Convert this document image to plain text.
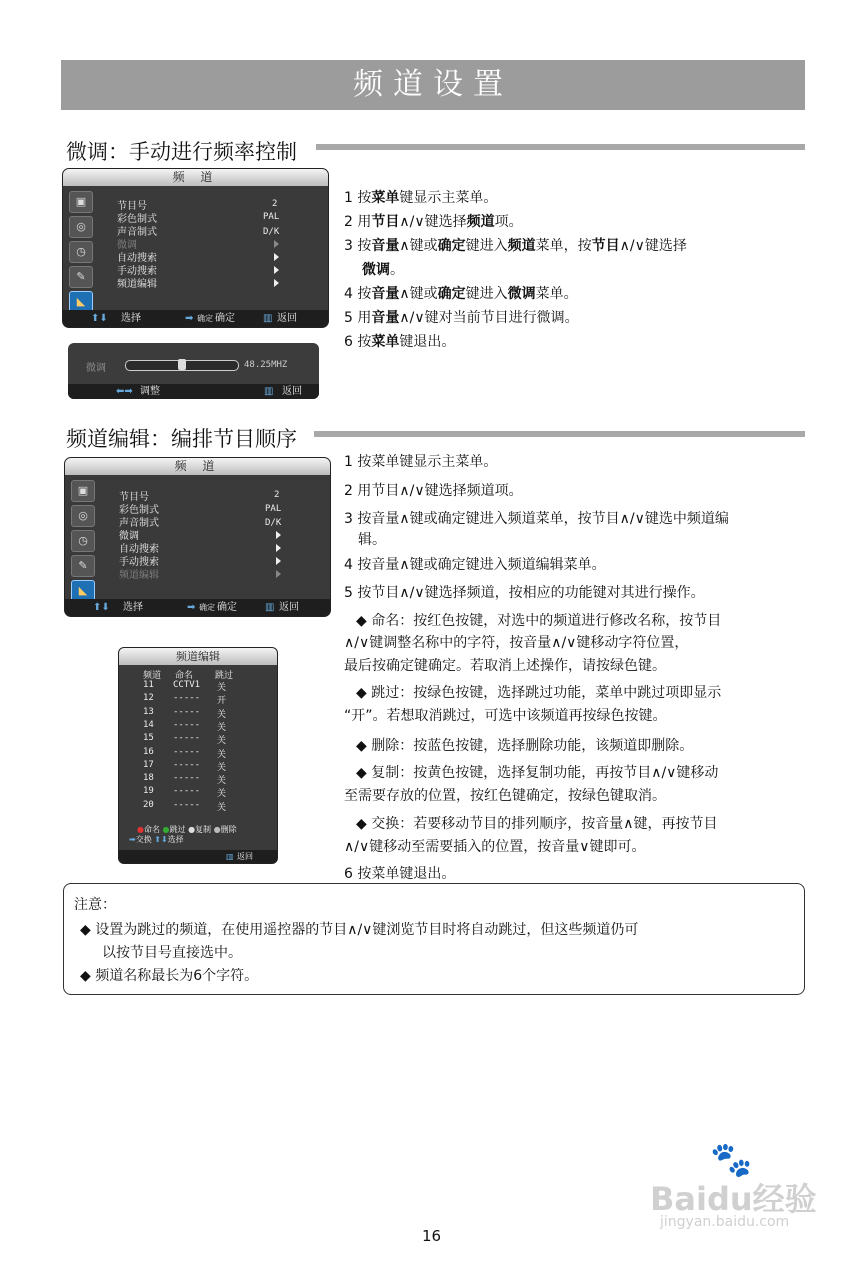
频道设置
微调：手动进行频率控制
频 道
▣
◎
◷
✎
◣
节目号	2
彩色制式	PAL
声音制式	D/K
微调
自动搜索
手动搜索
频道编辑
⬆⬇ 选择	➡ 确定 确定	▥ 返回
微调	48.25MHZ
⬅➡ 调整	▥ 返回
1 按菜单键显示主菜单。
2 用节目∧/∨键选择频道项。
3 按音量∧键或确定键进入频道菜单，按节目∧/∨键选择
微调。
4 按音量∧键或确定键进入微调菜单。
5 用音量∧/∨键对当前节目进行微调。
6 按菜单键退出。
频道编辑：编排节目顺序
频 道
▣
◎
◷
✎
◣
节目号	2
彩色制式	PAL
声音制式	D/K
微调
自动搜索
手动搜索
频道编辑
⬆⬇ 选择	➡ 确定 确定	▥ 返回
频道编辑
频道 命名 跳过
11 CCTV1 关
12 ----- 开
13 ----- 关
14 ----- 关
15 ----- 关
16 ----- 关
17 ----- 关
18 ----- 关
19 ----- 关
20 ----- 关
●命名 ●跳过 ●复制 ●删除
➡交换 ⬆⬇选择
▥ 返回
1 按菜单键显示主菜单。
2 用节目∧/∨键选择频道项。
3 按音量∧键或确定键进入频道菜单，按节目∧/∨键选中频道编
辑。
4 按音量∧键或确定键进入频道编辑菜单。
5 按节目∧/∨键选择频道，按相应的功能键对其进行操作。
◆ 命名：按红色按键，对选中的频道进行修改名称，按节目
∧/∨键调整名称中的字符，按音量∧/∨键移动字符位置，
最后按确定键确定。若取消上述操作，请按绿色键。
◆ 跳过：按绿色按键，选择跳过功能，菜单中跳过项即显示
“开”。若想取消跳过，可选中该频道再按绿色按键。
◆ 删除：按蓝色按键，选择删除功能，该频道即删除。
◆ 复制：按黄色按键，选择复制功能，再按节目∧/∨键移动
至需要存放的位置，按红色键确定，按绿色键取消。
◆ 交换：若要移动节目的排列顺序，按音量∧键，再按节目
∧/∨键移动至需要插入的位置，按音量∨键即可。
6 按菜单键退出。
注意：
◆ 设置为跳过的频道，在使用遥控器的节目∧/∨键浏览节目时将自动跳过，但这些频道仍可
以按节目号直接选中。
◆ 频道名称最长为6个字符。
16
🐾
Baidu经验
jingyan.baidu.com
